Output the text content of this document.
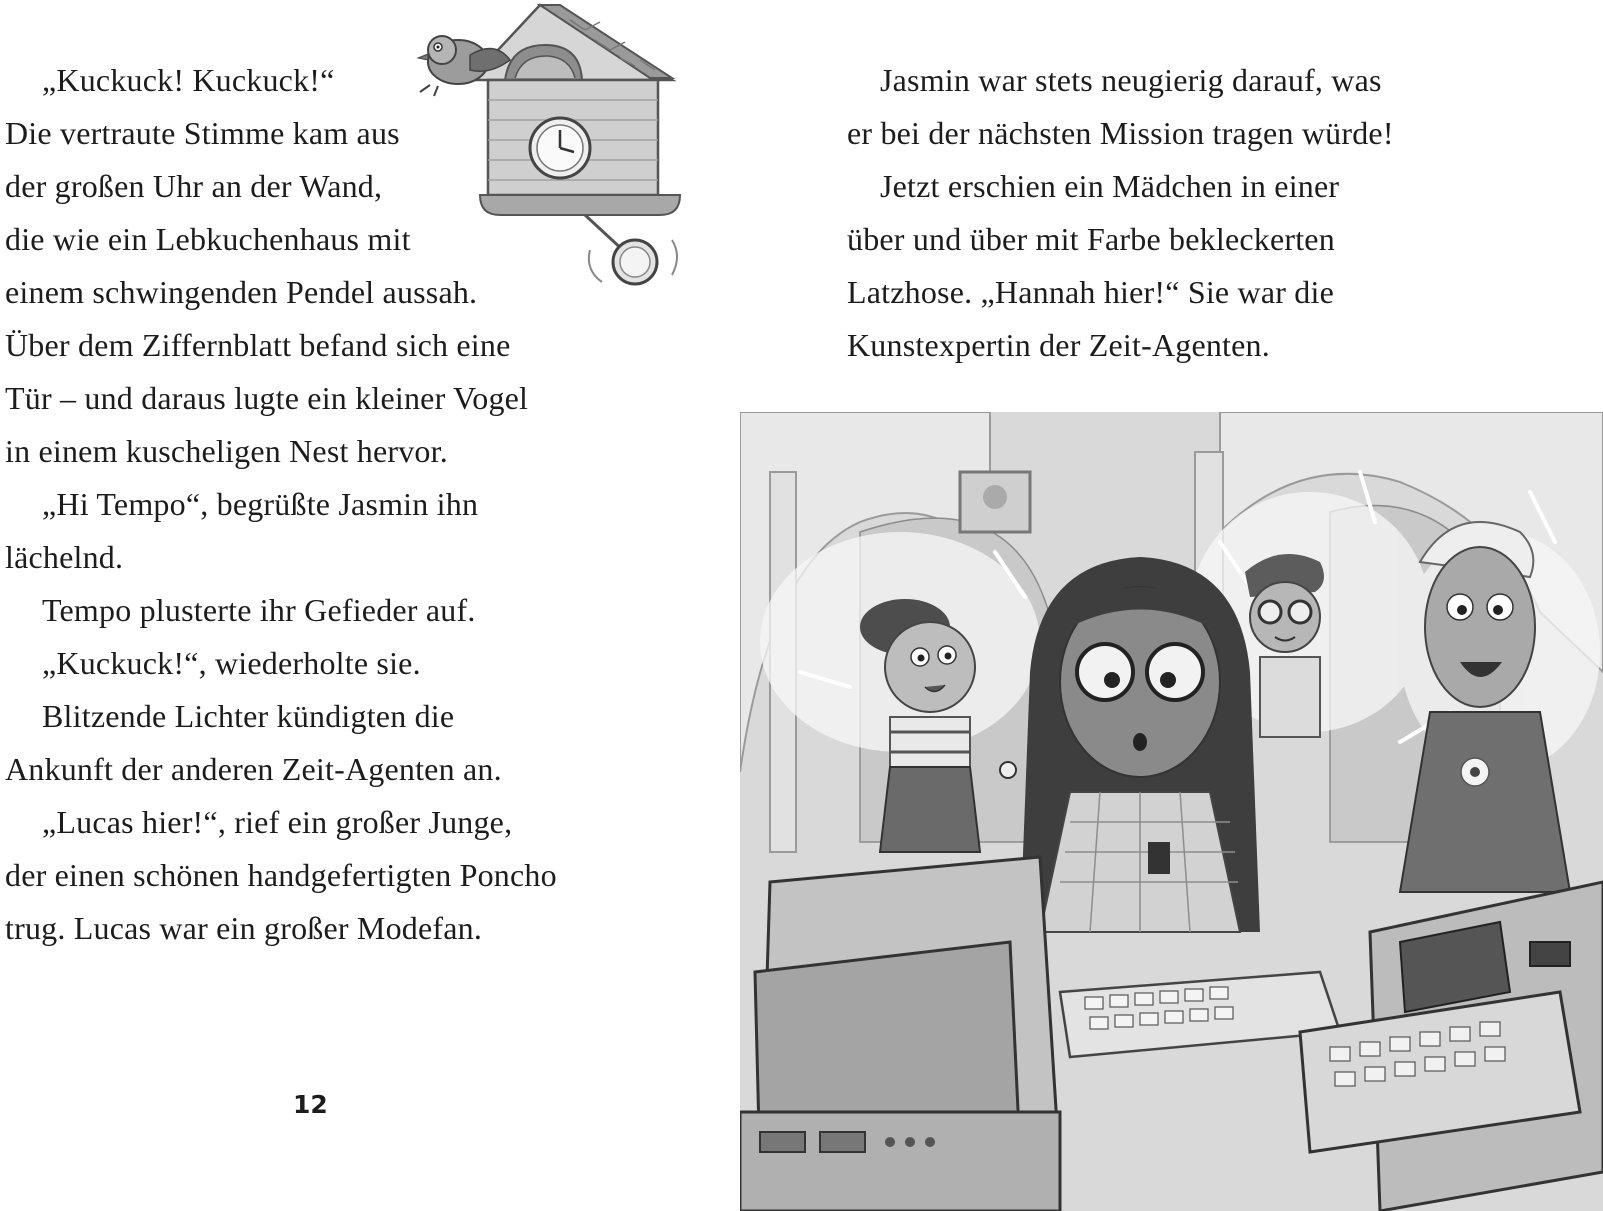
„Kuckuck! Kuckuck!“
Die vertraute Stimme kam aus
der großen Uhr an der Wand,
die wie ein Lebkuchenhaus mit
einem schwingenden Pendel aussah.
Über dem Ziffernblatt befand sich eine
Tür – und daraus lugte ein kleiner Vogel
in einem kuscheligen Nest hervor.
„Hi Tempo“, begrüßte Jasmin ihn
lächelnd.
Tempo plusterte ihr Gefieder auf.
„Kuckuck!“, wiederholte sie.
Blitzende Lichter kündigten die
Ankunft der anderen Zeit-Agenten an.
„Lucas hier!“, rief ein großer Junge,
der einen schönen handgefertigten Poncho
trug. Lucas war ein großer Modefan.
12
Jasmin war stets neugierig darauf, was
er bei der nächsten Mission tragen würde!
Jetzt erschien ein Mädchen in einer
über und über mit Farbe bekleckerten
Latzhose. „Hannah hier!“ Sie war die
Kunstexpertin der Zeit-Agenten.
